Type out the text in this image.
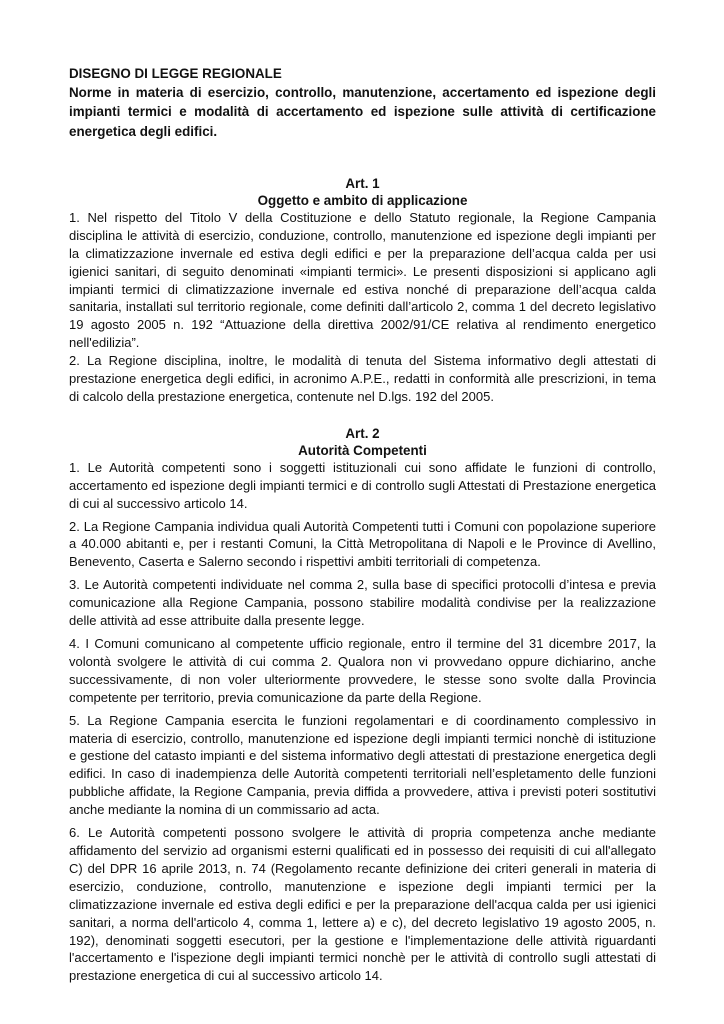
DISEGNO DI LEGGE REGIONALE

Norme in materia di esercizio, controllo, manutenzione, accertamento ed ispezione degli impianti termici e modalità di accertamento ed ispezione sulle attività di certificazione energetica degli edifici.

Art. 1

Oggetto e ambito di applicazione

1. Nel rispetto del Titolo V della Costituzione e dello Statuto regionale, la Regione Campania disciplina le attività di esercizio, conduzione, controllo, manutenzione ed ispezione degli impianti per la climatizzazione invernale ed estiva degli edifici e per la preparazione dell’acqua calda per usi igienici sanitari, di seguito denominati «impianti termici». Le presenti disposizioni si applicano agli impianti termici di climatizzazione invernale ed estiva nonché di preparazione dell’acqua calda sanitaria, installati sul territorio regionale, come definiti dall’articolo 2, comma 1 del decreto legislativo 19 agosto 2005 n. 192 “Attuazione della direttiva 2002/91/CE relativa al rendimento energetico nell'edilizia”.

2. La Regione disciplina, inoltre, le modalità di tenuta del Sistema informativo degli attestati di prestazione energetica degli edifici, in acronimo A.P.E., redatti in conformità alle prescrizioni, in tema di calcolo della prestazione energetica, contenute nel D.lgs. 192 del 2005.

Art. 2

Autorità Competenti

1. Le Autorità competenti sono i soggetti istituzionali cui sono affidate le funzioni di controllo, accertamento ed ispezione degli impianti termici e di controllo sugli Attestati di Prestazione energetica di cui al successivo articolo 14.

2. La Regione Campania individua quali Autorità Competenti tutti i Comuni con popolazione superiore a 40.000 abitanti e, per i restanti Comuni, la Città Metropolitana di Napoli e le Province di Avellino, Benevento, Caserta e Salerno secondo i rispettivi ambiti territoriali di competenza.

3. Le Autorità competenti individuate nel comma 2, sulla base di specifici protocolli d’intesa e previa comunicazione alla Regione Campania, possono stabilire modalità condivise per la realizzazione delle attività ad esse attribuite dalla presente legge.

4. I Comuni comunicano al competente ufficio regionale, entro il termine del 31 dicembre 2017, la volontà svolgere le attività di cui comma 2. Qualora non vi provvedano oppure dichiarino, anche successivamente, di non voler ulteriormente provvedere, le stesse sono svolte dalla Provincia competente per territorio, previa comunicazione da parte della Regione.

5. La Regione Campania esercita le funzioni regolamentari e di coordinamento complessivo in materia di esercizio, controllo, manutenzione ed ispezione degli impianti termici nonchè di istituzione e gestione del catasto impianti e del sistema informativo degli attestati di prestazione energetica degli edifici. In caso di inadempienza delle Autorità competenti territoriali nell’espletamento delle funzioni pubbliche affidate, la Regione Campania, previa diffida a provvedere, attiva i previsti poteri sostitutivi anche mediante la nomina di un commissario ad acta.

6. Le Autorità competenti possono svolgere le attività di propria competenza anche mediante affidamento del servizio ad organismi esterni qualificati ed in possesso dei requisiti di cui all'allegato C) del DPR 16 aprile 2013, n. 74 (Regolamento recante definizione dei criteri generali in materia di esercizio, conduzione, controllo, manutenzione e ispezione degli impianti termici per la climatizzazione invernale ed estiva degli edifici e per la preparazione dell'acqua calda per usi igienici sanitari, a norma dell'articolo 4, comma 1, lettere a) e c), del decreto legislativo 19 agosto 2005, n. 192), denominati soggetti esecutori, per la gestione e l'implementazione delle attività riguardanti l'accertamento e l'ispezione degli impianti termici nonchè per le attività di controllo sugli attestati di prestazione energetica di cui al successivo articolo 14.
